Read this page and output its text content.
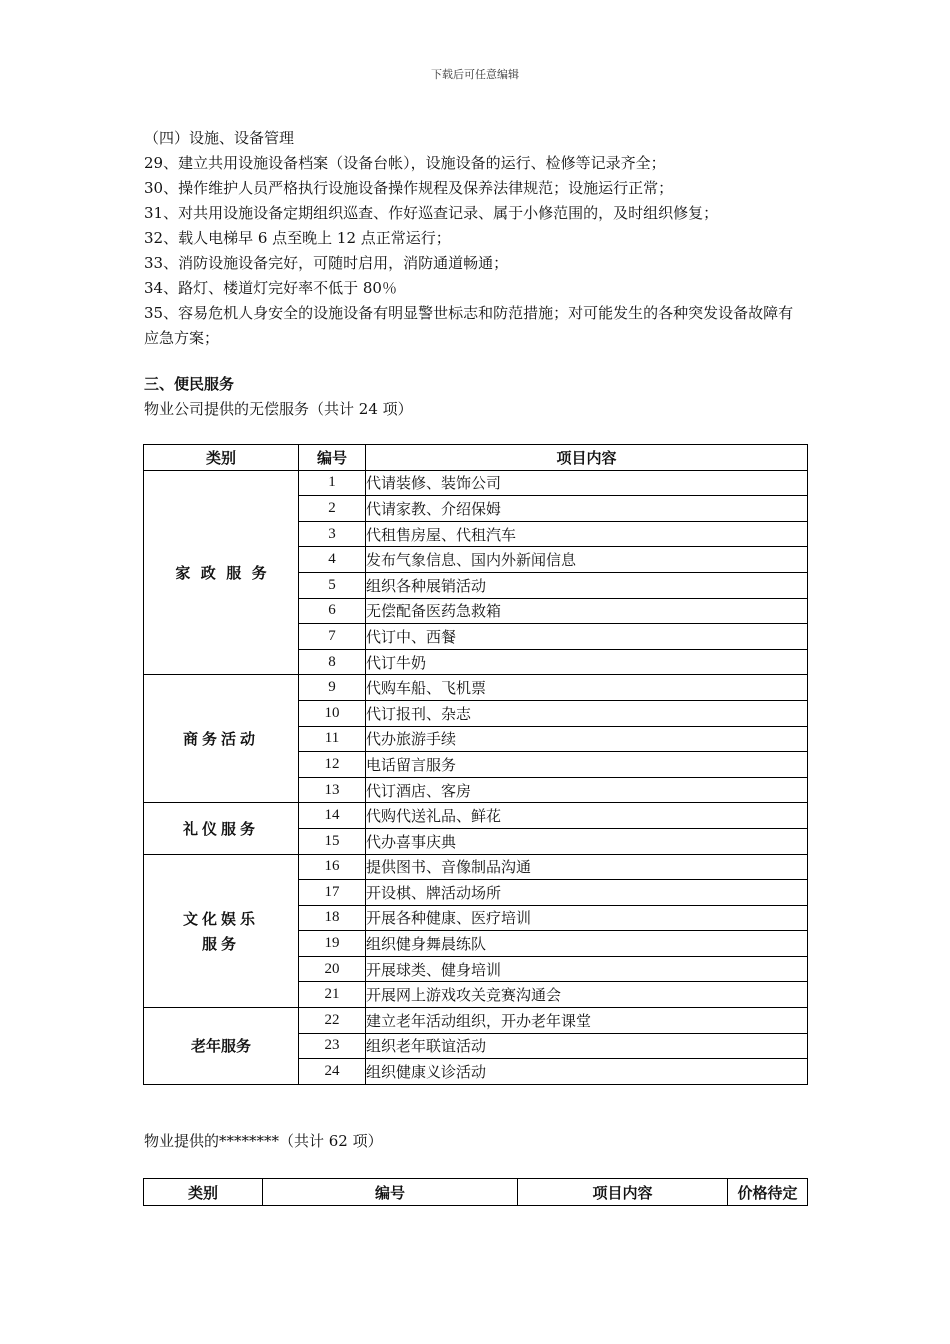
下载后可任意编辑
（四）设施、设备管理
29、建立共用设施设备档案（设备台帐），设施设备的运行、检修等记录齐全；
30、操作维护人员严格执行设施设备操作规程及保养法律规范；设施运行正常；
31、对共用设施设备定期组织巡查、作好巡查记录、属于小修范围的，及时组织修复；
32、载人电梯早 6 点至晚上 12 点正常运行；
33、消防设施设备完好，可随时启用，消防通道畅通；
34、路灯、楼道灯完好率不低于 80％
35、容易危机人身安全的设施设备有明显警世标志和防范措施；对可能发生的各种突发设备故障有应急方案；
三、便民服务
物业公司提供的无偿服务（共计 24 项）
类别	编号	项目内容
家  政  服  务	1	代请装修、装饰公司
	2	代请家教、介绍保姆
	3	代租售房屋、代租汽车
	4	发布气象信息、国内外新闻信息
	5	组织各种展销活动
	6	无偿配备医药急救箱
	7	代订中、西餐
	8	代订牛奶
商务活动	9	代购车船、飞机票
	10	代订报刊、杂志
	11	代办旅游手续
	12	电话留言服务
	13	代订酒店、客房
礼仪服务	14	代购代送礼品、鲜花
	15	代办喜事庆典

文化娱乐
服务	16	提供图书、音像制品沟通
	17	开设棋、牌活动场所
	18	开展各种健康、医疗培训
	19	组织健身舞晨练队
	20	开展球类、健身培训
	21	开展网上游戏攻关竞赛沟通会
老年服务	22	建立老年活动组织，开办老年课堂
	23	组织老年联谊活动
	24	组织健康义诊活动
物业提供的********（共计 62 项）
类别	编号	项目内容	价格待定
